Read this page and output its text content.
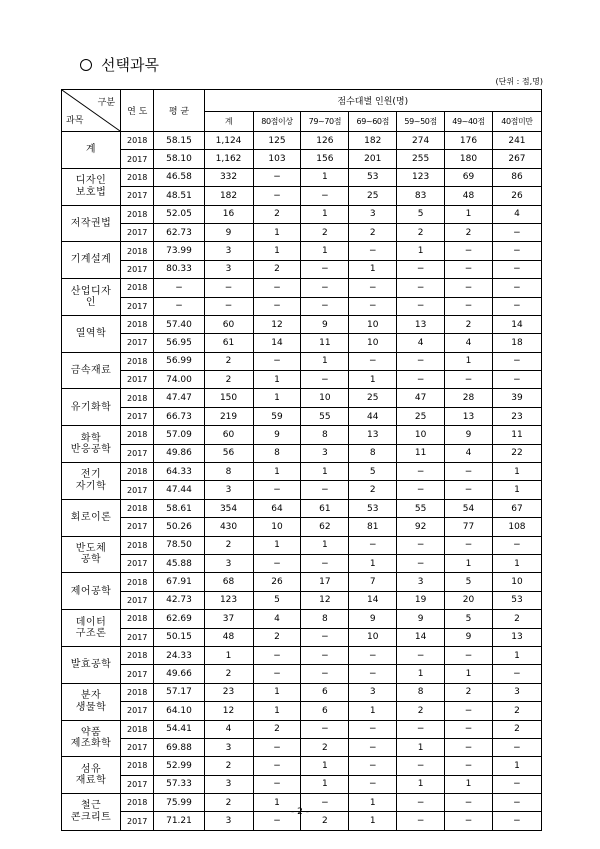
선택과목
(단위 : 점,명)
구분
과목	연 도	평 균	점수대별 인원(명)						
			계	80점이상	79~70점	69~60점	59~50점	49~40점	40점미만

계	2018	58.15	1,124	125	126	182	274	176	241
	2017	58.10	1,162	103	156	201	255	180	267

디자인
보호법	2018	46.58	332	−	1	53	123	69	86
	2017	48.51	182	−	−	25	83	48	26

저작권법	2018	52.05	16	2	1	3	5	1	4
	2017	62.73	9	1	2	2	2	2	−

기계설계	2018	73.99	3	1	1	−	1	−	−
	2017	80.33	3	2	−	1	−	−	−

산업디자
인	2018	−	−	−	−	−	−	−	−
	2017	−	−	−	−	−	−	−	−

열역학	2018	57.40	60	12	9	10	13	2	14
	2017	56.95	61	14	11	10	4	4	18

금속재료	2018	56.99	2	−	1	−	−	1	−
	2017	74.00	2	1	−	1	−	−	−

유기화학	2018	47.47	150	1	10	25	47	28	39
	2017	66.73	219	59	55	44	25	13	23

화학
반응공학	2018	57.09	60	9	8	13	10	9	11
	2017	49.86	56	8	3	8	11	4	22

전기
자기학	2018	64.33	8	1	1	5	−	−	1
	2017	47.44	3	−	−	2	−	−	1

회로이론	2018	58.61	354	64	61	53	55	54	67
	2017	50.26	430	10	62	81	92	77	108

반도체
공학	2018	78.50	2	1	1	−	−	−	−
	2017	45.88	3	−	−	1	−	1	1

제어공학	2018	67.91	68	26	17	7	3	5	10
	2017	42.73	123	5	12	14	19	20	53

데이터
구조론	2018	62.69	37	4	8	9	9	5	2
	2017	50.15	48	2	−	10	14	9	13

발효공학	2018	24.33	1	−	−	−	−	−	1
	2017	49.66	2	−	−	−	1	1	−

분자
생물학	2018	57.17	23	1	6	3	8	2	3
	2017	64.10	12	1	6	1	2	−	2

약품
제조화학	2018	54.41	4	2	−	−	−	−	2
	2017	69.88	3	−	2	−	1	−	−

섬유
재료학	2018	52.99	2	−	1	−	−	−	1
	2017	57.33	3	−	1	−	1	1	−

철근
콘크리트	2018	75.99	2	1	−	1	−	−	−
	2017	71.21	3	−	2	1	−	−	−
- 2 -
